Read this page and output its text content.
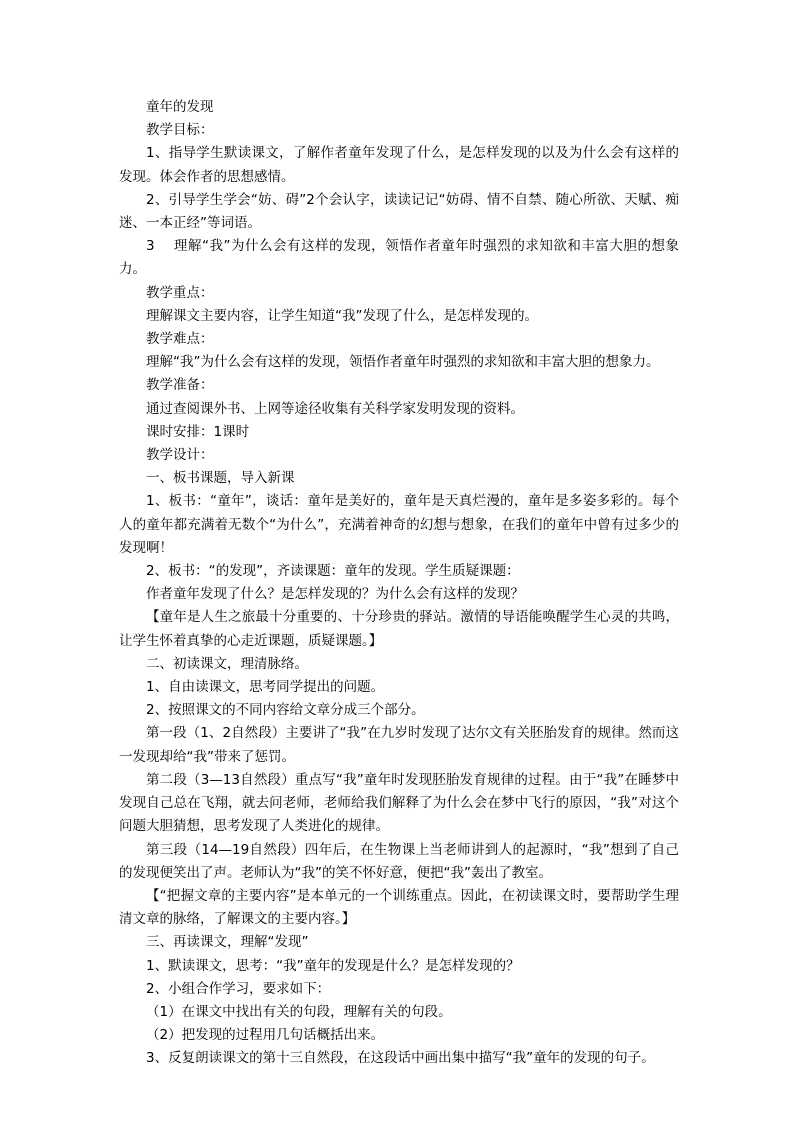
童年的发现

教学目标：

1、指导学生默读课文，了解作者童年发现了什么，是怎样发现的以及为什么会有这样的发现。体会作者的思想感情。

2、引导学生学会“妨、碍”2个会认字，读读记记“妨碍、情不自禁、随心所欲、天赋、痴迷、一本正经”等词语。

3　 理解“我”为什么会有这样的发现，领悟作者童年时强烈的求知欲和丰富大胆的想象力。

教学重点：

理解课文主要内容，让学生知道“我”发现了什么，是怎样发现的。

教学难点：

理解“我”为什么会有这样的发现，领悟作者童年时强烈的求知欲和丰富大胆的想象力。

教学准备：

通过查阅课外书、上网等途径收集有关科学家发明发现的资料。

课时安排：1课时

教学设计：

一、板书课题，导入新课

1、板书：“童年”，谈话：童年是美好的，童年是天真烂漫的，童年是多姿多彩的。每个人的童年都充满着无数个“为什么”，充满着神奇的幻想与想象，在我们的童年中曾有过多少的发现啊！

2、板书：“的发现”，齐读课题：童年的发现。学生质疑课题：

作者童年发现了什么？是怎样发现的？为什么会有这样的发现？

【童年是人生之旅最十分重要的、十分珍贵的驿站。激情的导语能唤醒学生心灵的共鸣，让学生怀着真挚的心走近课题，质疑课题。】

二、初读课文，理清脉络。

1、自由读课文，思考同学提出的问题。

2、按照课文的不同内容给文章分成三个部分。

第一段（1、2自然段）主要讲了“我”在九岁时发现了达尔文有关胚胎发育的规律。然而这一发现却给“我”带来了惩罚。

第二段（3—13自然段）重点写“我”童年时发现胚胎发育规律的过程。由于“我”在睡梦中发现自己总在飞翔，就去问老师，老师给我们解释了为什么会在梦中飞行的原因，“我”对这个问题大胆猜想，思考发现了人类进化的规律。

第三段（14—19自然段）四年后，在生物课上当老师讲到人的起源时，“我”想到了自己的发现便笑出了声。老师认为“我”的笑不怀好意，便把“我”轰出了教室。

【“把握文章的主要内容”是本单元的一个训练重点。因此，在初读课文时，要帮助学生理清文章的脉络，了解课文的主要内容。】

三、再读课文，理解“发现”

1、默读课文，思考：“我”童年的发现是什么？是怎样发现的？

2、小组合作学习，要求如下：

（1）在课文中找出有关的句段，理解有关的句段。

（2）把发现的过程用几句话概括出来。

3、反复朗读课文的第十三自然段，在这段话中画出集中描写“我”童年的发现的句子。
